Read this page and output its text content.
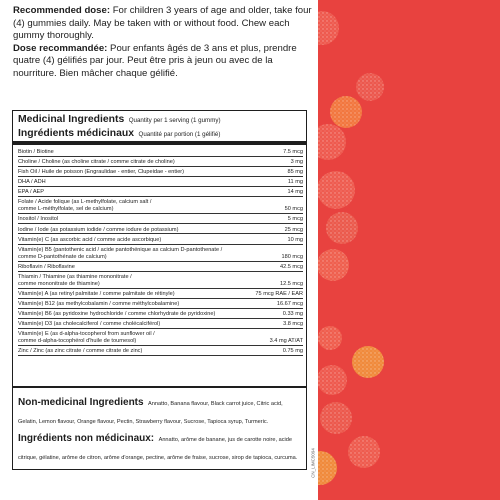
Recommended dose: For children 3 years of age and older, take four (4) gummies daily. May be taken with or without food. Chew each gummy thoroughly.

Dose recommandée: Pour enfants âgés de 3 ans et plus, prendre quatre (4) gélifiés par jour. Peut être pris à jeun ou avec de la nourriture. Bien mâcher chaque gélifié.

Medicinal Ingredients Quantity per 1 serving (1 gummy)
Ingrédients médicinaux Quantité par portion (1 gélifié)
Biotin / Biotine	7.5 mcg
Choline / Choline (as choline citrate / comme citrate de choline)	3 mg
Fish Oil / Huile de poisson (Engraulidae - entier, Clupeidae - entier)	85 mg
DHA / ADH	11 mg
EPA / AEP	14 mg
Folate / Acide folique (as L-methylfolate, calcium salt /
comme L-méthylfolate, sel de calcium)	50 mcg
Inositol / Inositol	5 mcg
Iodine / Iode (as potassium iodide / comme iodure de potassium)	25 mcg
Vitamin(e) C (as ascorbic acid / comme acide ascorbique)	10 mg
Vitamin(e) B5 (pantothenic acid / acide pantothénique as calcium D-pantothenate /
comme D-pantothénate de calcium)	180 mcg
Riboflavin / Riboflavine	42.5 mcg
Thiamin / Thiamine (as thiamine mononitrate /
comme mononitrate de thiamine)	12.5 mcg
Vitamin(e) A (as retinyl palmitate / comme palmitate de rétinyle)	75 mcg RAE / EAR
Vitamin(e) B12 (as methylcobalamin / comme méthylcobalamine)	16.67 mcg
Vitamin(e) B6 (as pyridoxine hydrochloride / comme chlorhydrate de pyridoxine)	0.33 mg
Vitamin(e) D3 (as cholecalciferol / comme cholécalciférol)	3.8 mcg
Vitamin(e) E (as d-alpha-tocopherol from sunflower oil /
comme d-alpha-tocophérol d'huile de tournesol)	3.4 mg AT/AT
Zinc / Zinc (as zinc citrate / comme citrate de zinc)	0.75 mg
Non-medicinal Ingredients Annatto, Banana flavour, Black carrot juice, Citric acid, Gelatin, Lemon flavour, Orange flavour, Pectin, Strawberry flavour, Sucrose, Tapioca syrup, Turmeric.
Ingrédients non médicinaux: Annatto, arôme de banane, jus de carotte noire, acide citrique, gélatine, arôme de citron, arôme d'orange, pectine, arôme de fraise, sucrose, sirop de tapioca, curcuma.	CN_LIMC5094
